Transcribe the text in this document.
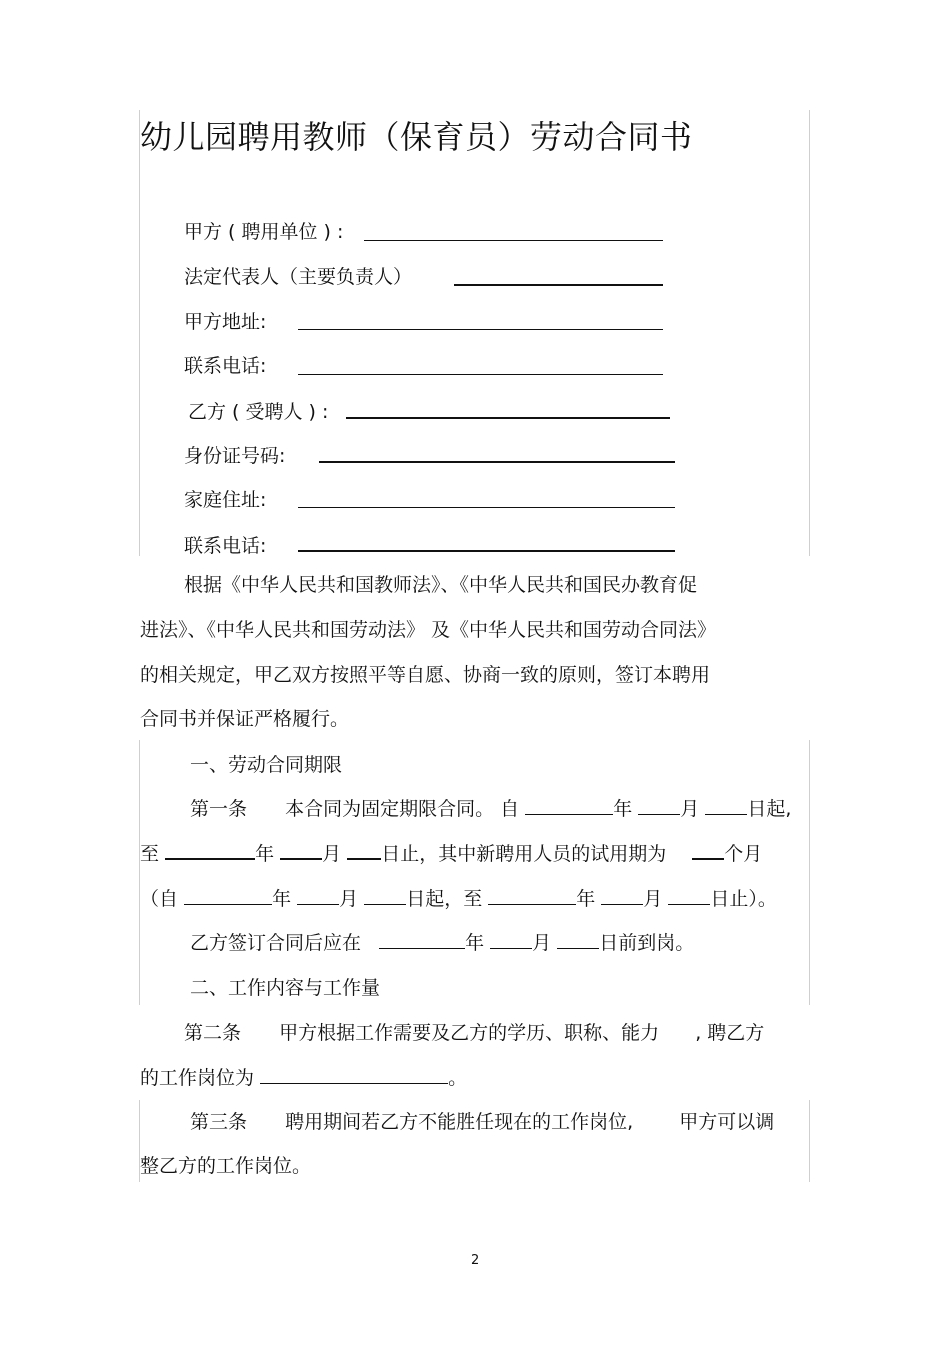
幼儿园聘用教师（保育员）劳动合同书
甲方 ( 聘用单位 ) :
法定代表人（主要负责人）
甲方地址:
联系电话:
乙方 ( 受聘人 ) :
身份证号码:
家庭住址:
联系电话:
根据《中华人民共和国教师法》、《中华人民共和国民办教育促
进法》、《中华人民共和国劳动法》 及《中华人民共和国劳动合同法》
的相关规定，甲乙双方按照平等自愿、协商一致的原则，签订本聘用
合同书并保证严格履行。
一、劳动合同期限
第一条 本合同为固定期限合同。 自	年	月	日起,
至	年	月 日止，其中新聘用人员的试用期为	个月
（自	年	月	日起，至	年	月	日止）。
乙方签订合同后应在	年	月	日前到岗。
二、工作内容与工作量
第二条 甲方根据工作需要及乙方的学历、职称、能力 , 聘乙方
的工作岗位为	。
第三条 聘用期间若乙方不能胜任现在的工作岗位, 甲方可以调
整乙方的工作岗位。
2
